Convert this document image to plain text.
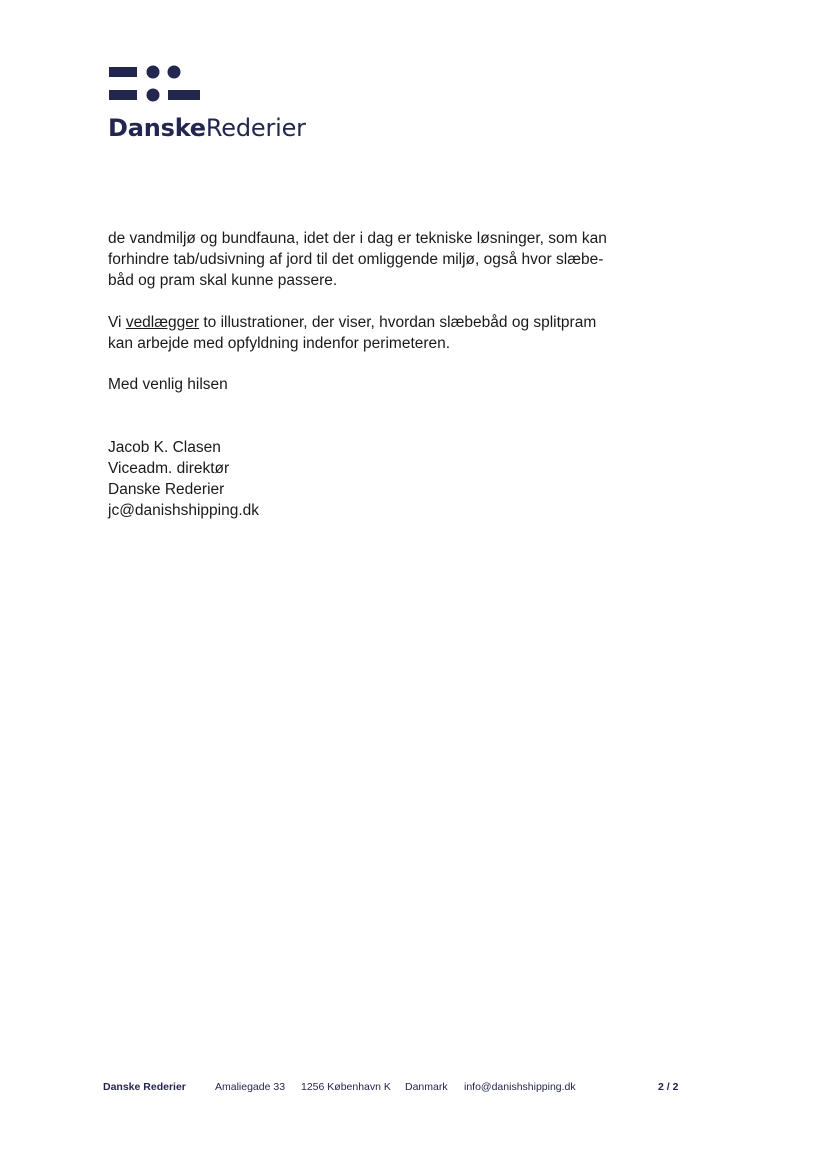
DanskeRederier

de vandmiljø og bundfauna, idet der i dag er tekniske løsninger, som kan
forhindre tab/udsivning af jord til det omliggende miljø, også hvor slæbe-
båd og pram skal kunne passere.

Vi vedlægger to illustrationer, der viser, hvordan slæbebåd og splitpram
kan arbejde med opfyldning indenfor perimeteren.

Med venlig hilsen
Jacob K. Clasen
Viceadm. direktør
Danske Rederier
jc@danishshipping.dk
Danske Rederier	Amaliegade 33 1256 København K Danmark info@danishshipping.dk	2 / 2
